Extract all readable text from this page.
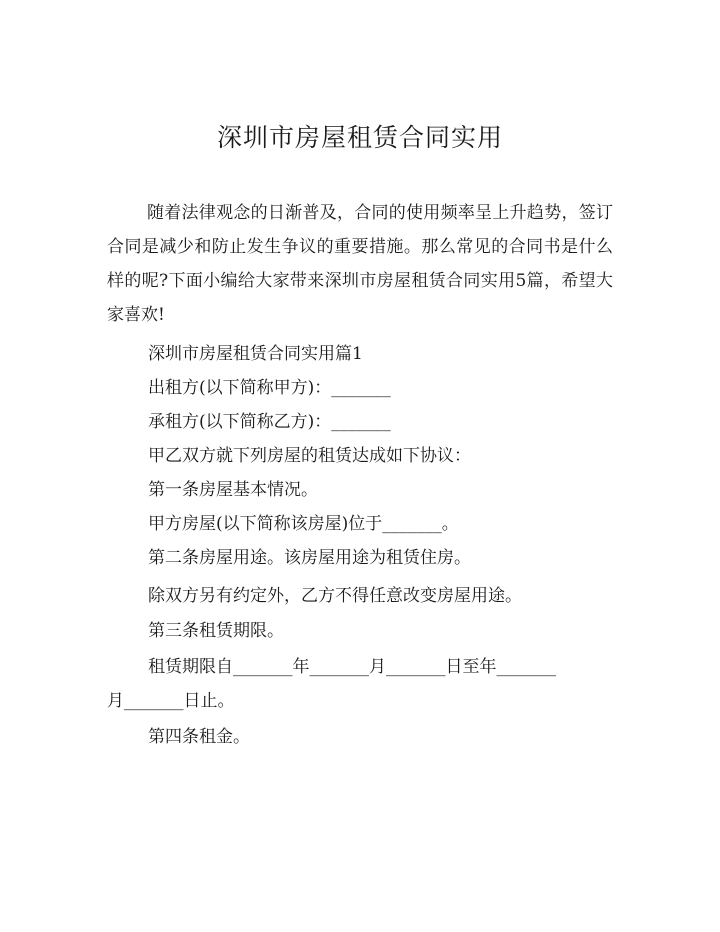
深圳市房屋租赁合同实用

随着法律观念的日渐普及，合同的使用频率呈上升趋势，签订合同是减少和防止发生争议的重要措施。那么常见的合同书是什么样的呢?下面小编给大家带来深圳市房屋租赁合同实用5篇，希望大家喜欢!

深圳市房屋租赁合同实用篇1

出租方(以下简称甲方)：_______

承租方(以下简称乙方)：_______

甲乙双方就下列房屋的租赁达成如下协议：

第一条房屋基本情况。

甲方房屋(以下简称该房屋)位于_______。

第二条房屋用途。该房屋用途为租赁住房。

除双方另有约定外，乙方不得任意改变房屋用途。

第三条租赁期限。

租赁期限自_______年_______月_______日至年_______

月_______日止。

第四条租金。
